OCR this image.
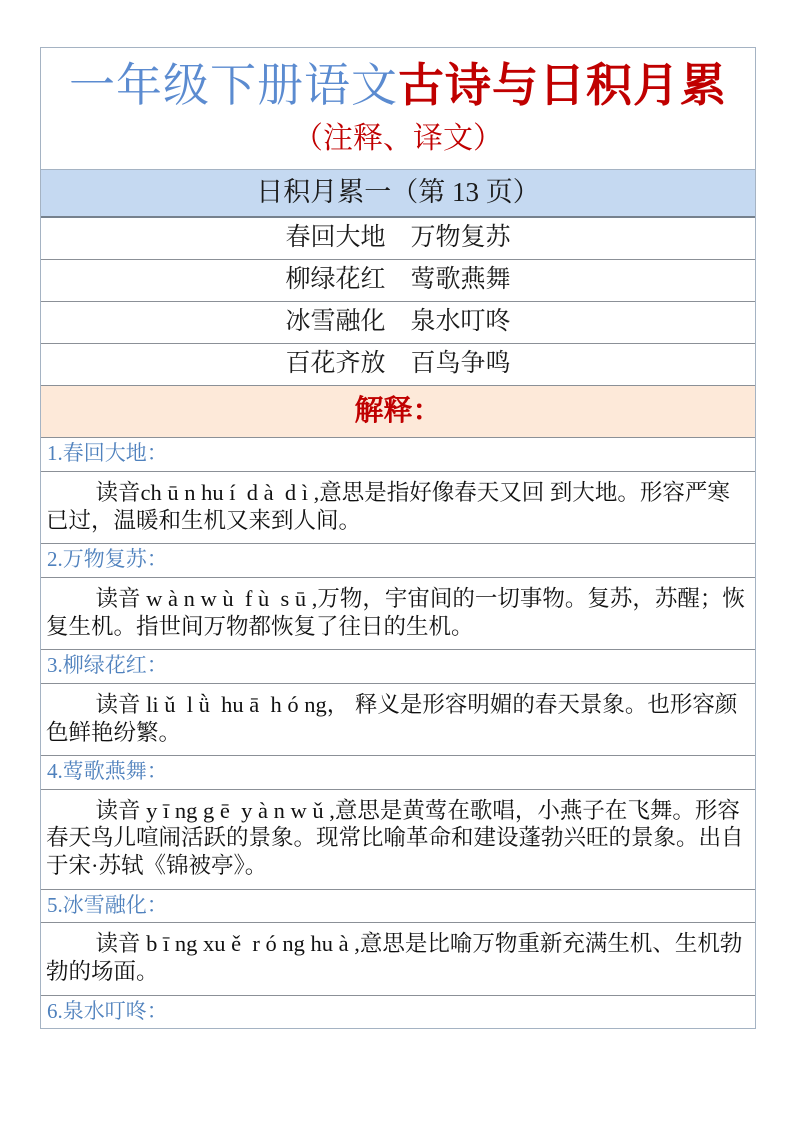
一年级下册语文古诗与日积月累
（注释、译文）
日积月累一（第 13 页）
春回大地　万物复苏
柳绿花红　莺歌燕舞
冰雪融化　泉水叮咚
百花齐放　百鸟争鸣
解释：
1.春回大地：
读音ch ū n hu í  d à  d ì ,意思是指好像春天又回 到大地。形容严寒已过，温暖和生机又来到人间。
2.万物复苏：
读音 w à n w ù  f ù  s ū ,万物，宇宙间的一切事物。复苏，苏醒；恢复生机。指世间万物都恢复了往日的生机。
3.柳绿花红：
读音 li ǔ  l ǜ  hu ā  h ó ng， 释义是形容明媚的春天景象。也形容颜色鲜艳纷繁。
4.莺歌燕舞：
读音 y ī ng g ē  y à n w ǔ ,意思是黄莺在歌唱，小燕子在飞舞。形容春天鸟儿喧闹活跃的景象。现常比喻革命和建设蓬勃兴旺的景象。出自于宋·苏轼《锦被亭》。
5.冰雪融化：
读音 b ī ng xu ě  r ó ng hu à ,意思是比喻万物重新充满生机、生机勃勃的场面。
6.泉水叮咚：
